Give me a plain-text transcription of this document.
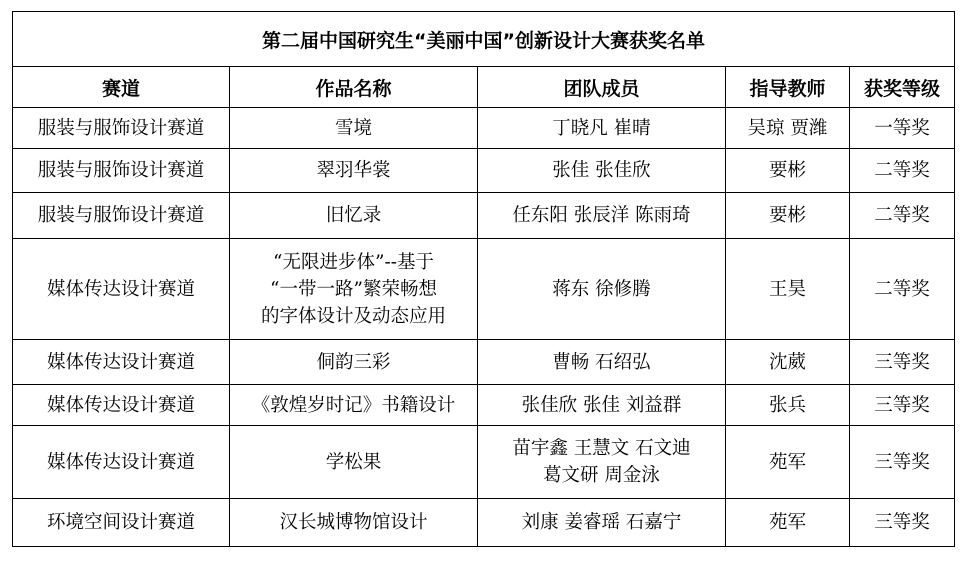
第二届中国研究生“美丽中国”创新设计大赛获奖名单				
赛道	作品名称	团队成员	指导教师	获奖等级
服装与服饰设计赛道	雪境	丁晓凡 崔晴	吴琼 贾潍	一等奖
服装与服饰设计赛道	翠羽华裳	张佳 张佳欣	要彬	二等奖
服装与服饰设计赛道	旧忆录	任东阳 张辰洋 陈雨琦	要彬	二等奖
媒体传达设计赛道	“无限进步体”--基于
“一带一路”繁荣畅想
的字体设计及动态应用	蒋东 徐修腾	王昊	二等奖
媒体传达设计赛道	侗韵三彩	曹畅 石绍弘	沈葳	三等奖
媒体传达设计赛道	《敦煌岁时记》书籍设计	张佳欣 张佳 刘益群	张兵	三等奖
媒体传达设计赛道	学松果	苗宇鑫 王慧文 石文迪
葛文研 周金泳	苑军	三等奖
环境空间设计赛道	汉长城博物馆设计	刘康 姜睿瑶 石嘉宁	苑军	三等奖
